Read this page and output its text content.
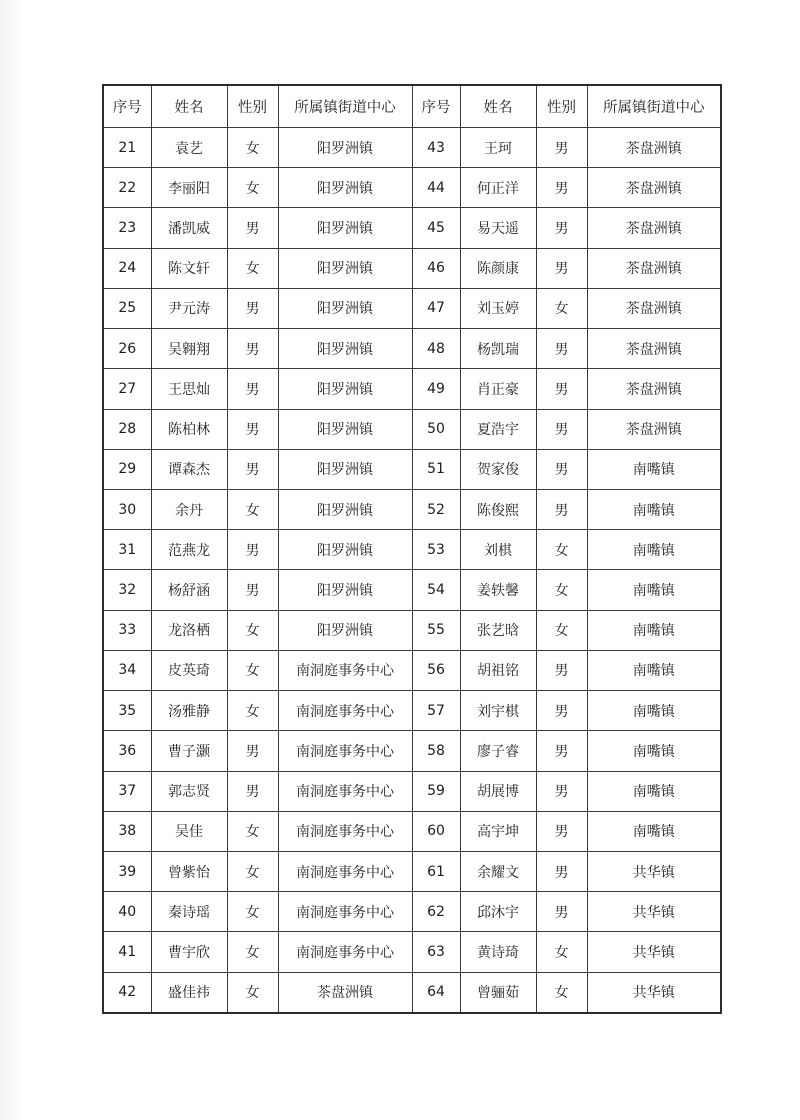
序号	姓名	性别	所属镇街道中心	序号	姓名	性别	所属镇街道中心
21	袁艺	女	阳罗洲镇	43	王珂	男	茶盘洲镇
22	李丽阳	女	阳罗洲镇	44	何正洋	男	茶盘洲镇
23	潘凯威	男	阳罗洲镇	45	易天遥	男	茶盘洲镇
24	陈文轩	女	阳罗洲镇	46	陈颜康	男	茶盘洲镇
25	尹元涛	男	阳罗洲镇	47	刘玉婷	女	茶盘洲镇
26	吴翱翔	男	阳罗洲镇	48	杨凯瑞	男	茶盘洲镇
27	王思灿	男	阳罗洲镇	49	肖正豪	男	茶盘洲镇
28	陈柏林	男	阳罗洲镇	50	夏浩宇	男	茶盘洲镇
29	谭森杰	男	阳罗洲镇	51	贺家俊	男	南嘴镇
30	余丹	女	阳罗洲镇	52	陈俊熙	男	南嘴镇
31	范燕龙	男	阳罗洲镇	53	刘棋	女	南嘴镇
32	杨舒涵	男	阳罗洲镇	54	姜轶馨	女	南嘴镇
33	龙洛栖	女	阳罗洲镇	55	张艺晗	女	南嘴镇
34	皮英琦	女	南洞庭事务中心	56	胡祖铭	男	南嘴镇
35	汤雅静	女	南洞庭事务中心	57	刘宇棋	男	南嘴镇
36	曹子灏	男	南洞庭事务中心	58	廖子睿	男	南嘴镇
37	郭志贤	男	南洞庭事务中心	59	胡展博	男	南嘴镇
38	吴佳	女	南洞庭事务中心	60	高宇坤	男	南嘴镇
39	曾紫怡	女	南洞庭事务中心	61	余耀文	男	共华镇
40	秦诗瑶	女	南洞庭事务中心	62	邱沐宇	男	共华镇
41	曹宇欣	女	南洞庭事务中心	63	黄诗琦	女	共华镇
42	盛佳祎	女	茶盘洲镇	64	曾骊茹	女	共华镇
